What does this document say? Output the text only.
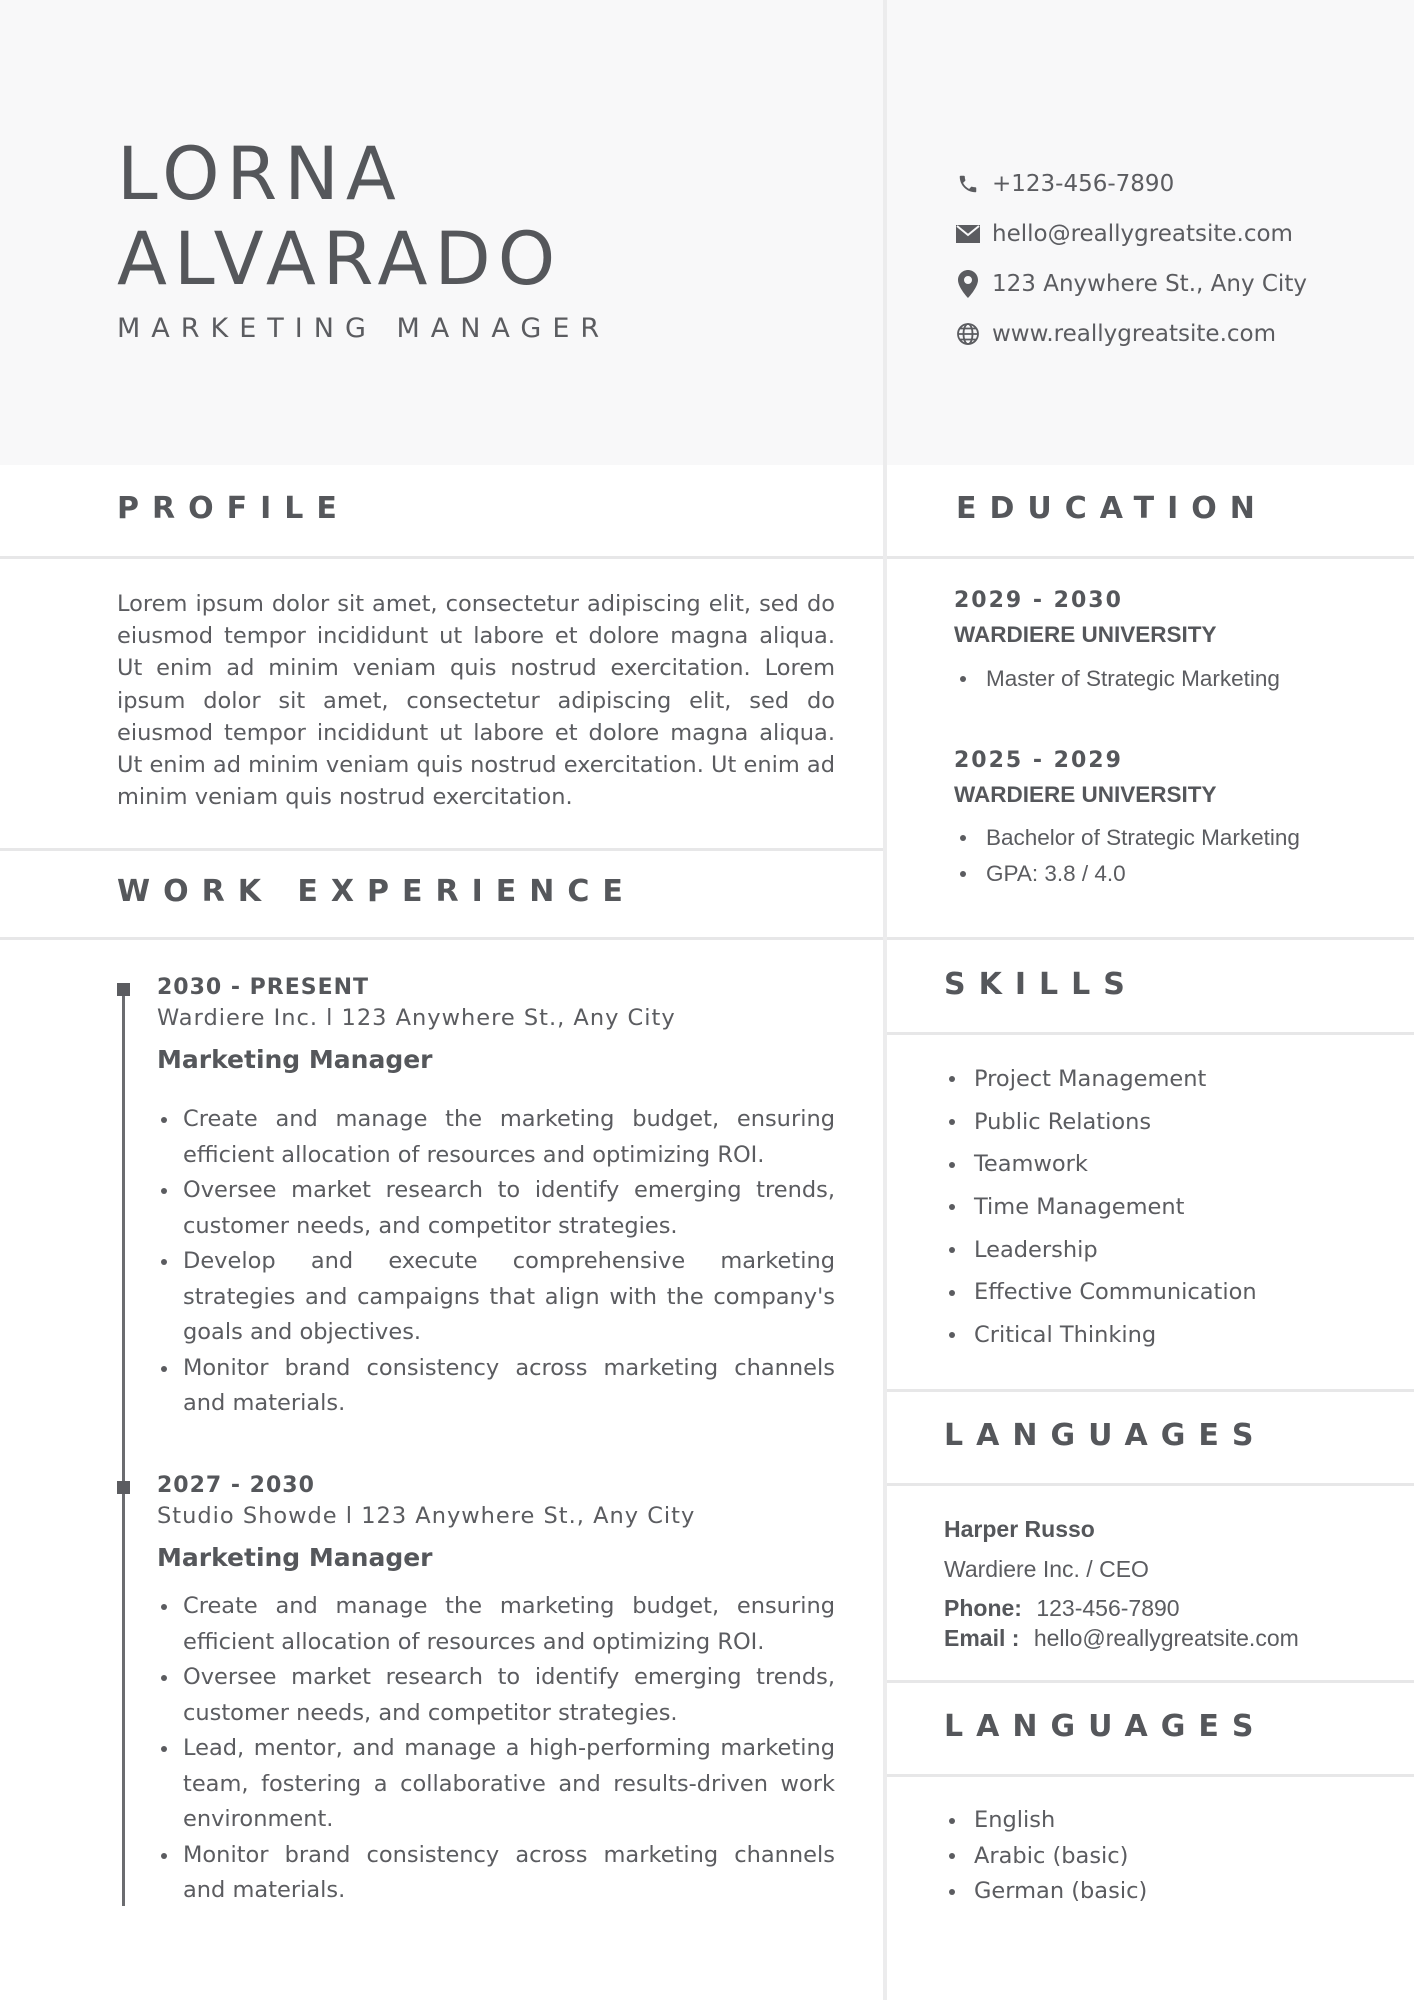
LORNA
ALVARADO
MARKETING MANAGER
+123-456-7890
hello@reallygreatsite.com
123 Anywhere St., Any City
www.reallygreatsite.com
PROFILE
Lorem ipsum dolor sit amet, consectetur adipiscing elit, sed do eiusmod tempor incididunt ut labore et dolore magna aliqua. Ut enim ad minim veniam quis nostrud exercitation. Lorem ipsum dolor sit amet, consectetur adipiscing elit, sed do eiusmod tempor incididunt ut labore et dolore magna aliqua. Ut enim ad minim veniam quis nostrud exercitation. Ut enim ad minim veniam quis nostrud exercitation.
WORK EXPERIENCE
2030 - PRESENT
Wardiere Inc. l 123 Anywhere St., Any City
Marketing Manager
Create and manage the marketing budget, ensuring efficient allocation of resources and optimizing ROI.
Oversee market research to identify emerging trends, customer needs, and competitor strategies.
Develop and execute comprehensive marketing strategies and campaigns that align with the company's goals and objectives.
Monitor brand consistency across marketing channels and materials.
2027 - 2030
Studio Showde l 123 Anywhere St., Any City
Marketing Manager
Create and manage the marketing budget, ensuring efficient allocation of resources and optimizing ROI.
Oversee market research to identify emerging trends, customer needs, and competitor strategies.
Lead, mentor, and manage a high-performing marketing team, fostering a collaborative and results-driven work environment.
Monitor brand consistency across marketing channels and materials.
EDUCATION
2029 - 2030
WARDIERE UNIVERSITY
Master of Strategic Marketing
2025 - 2029
WARDIERE UNIVERSITY
Bachelor of Strategic Marketing
GPA: 3.8 / 4.0
SKILLS
Project Management
Public Relations
Teamwork
Time Management
Leadership
Effective Communication
Critical Thinking
LANGUAGES
Harper Russo
Wardiere Inc. / CEO
Phone: 123-456-7890
Email : hello@reallygreatsite.com
LANGUAGES
English
Arabic (basic)
German (basic)
